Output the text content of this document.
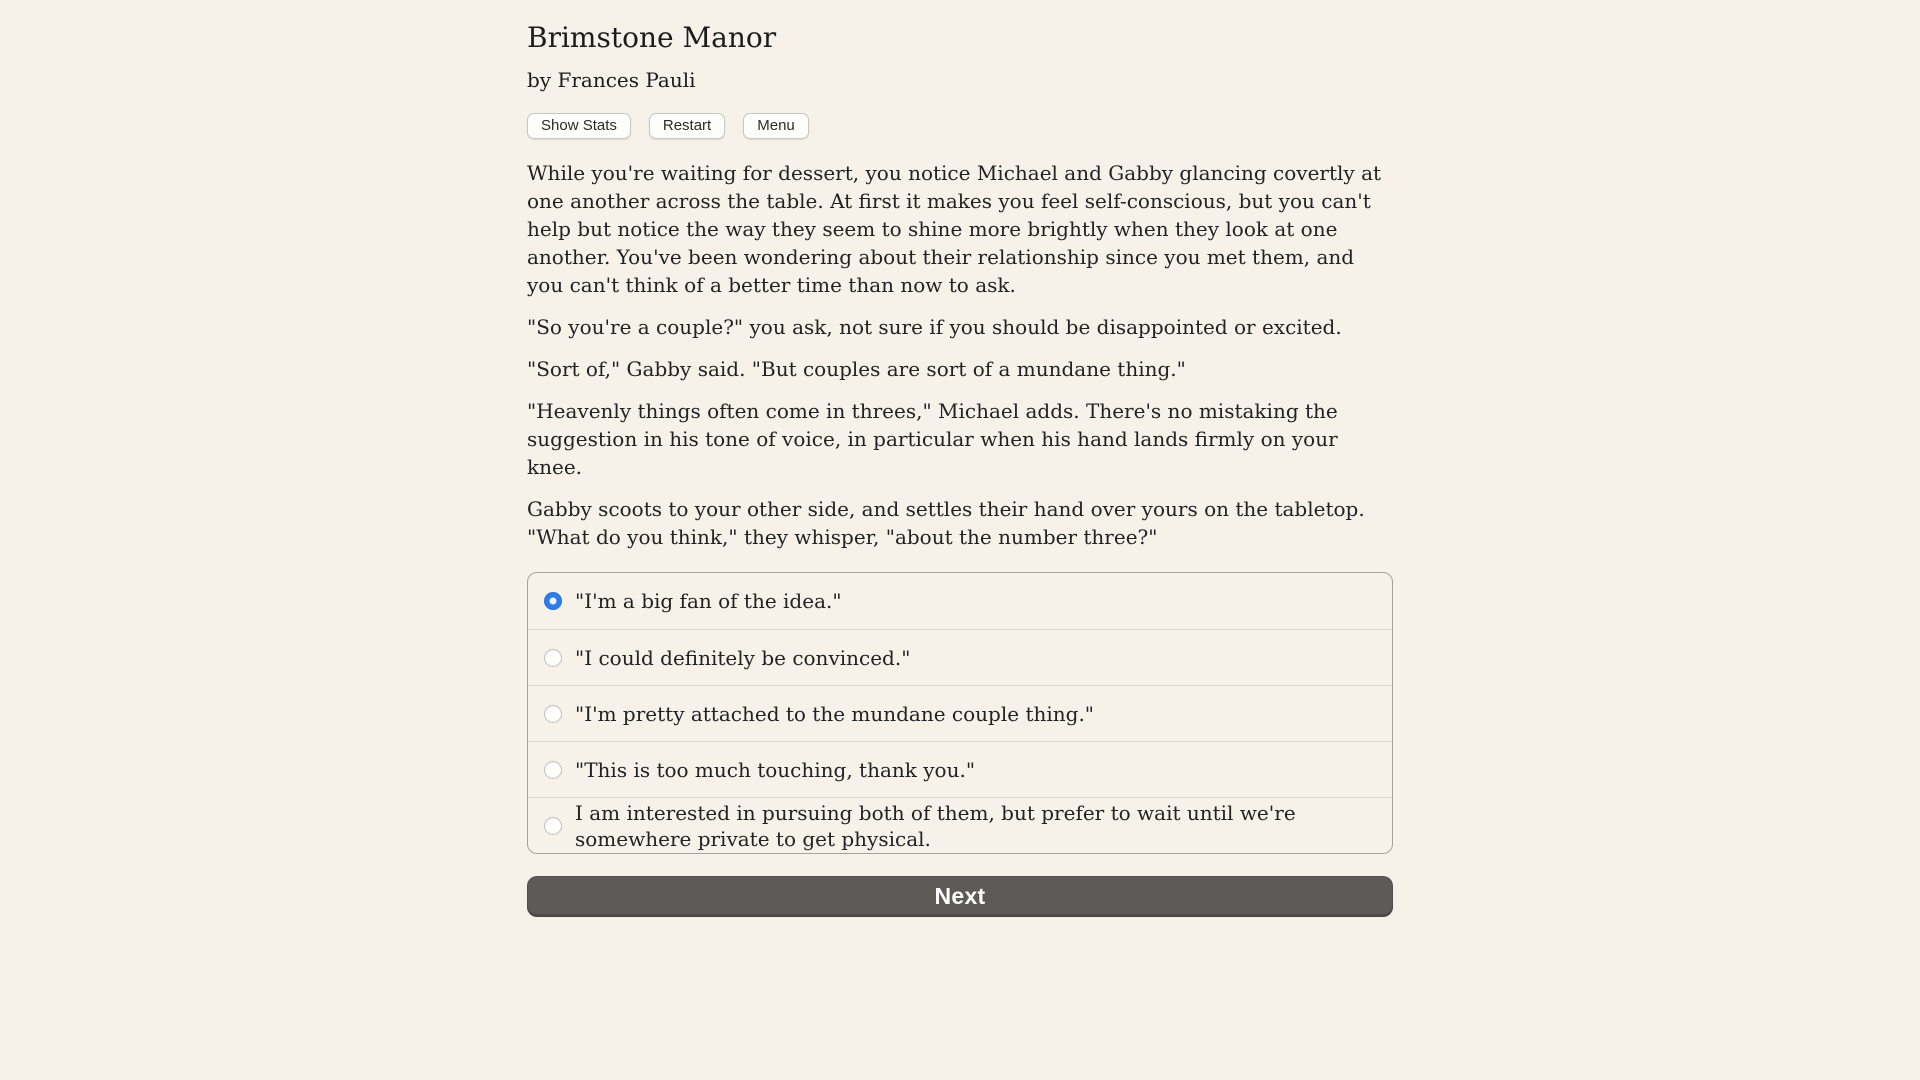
Brimstone Manor
by Frances Pauli
Show Stats	Restart	Menu

While you're waiting for dessert, you notice Michael and Gabby glancing covertly at one another across the table. At first it makes you feel self-conscious, but you can't help but notice the way they seem to shine more brightly when they look at one another. You've been wondering about their relationship since you met them, and you can't think of a better time than now to ask.

"So you're a couple?" you ask, not sure if you should be disappointed or excited.

"Sort of," Gabby said. "But couples are sort of a mundane thing."

"Heavenly things often come in threes," Michael adds. There's no mistaking the suggestion in his tone of voice, in particular when his hand lands firmly on your knee.

Gabby scoots to your other side, and settles their hand over yours on the tabletop. "What do you think," they whisper, "about the number three?"

"I'm a big fan of the idea."
"I could definitely be convinced."
"I'm pretty attached to the mundane couple thing."
"This is too much touching, thank you."
I am interested in pursuing both of them, but prefer to wait until we're somewhere private to get physical.
Next
